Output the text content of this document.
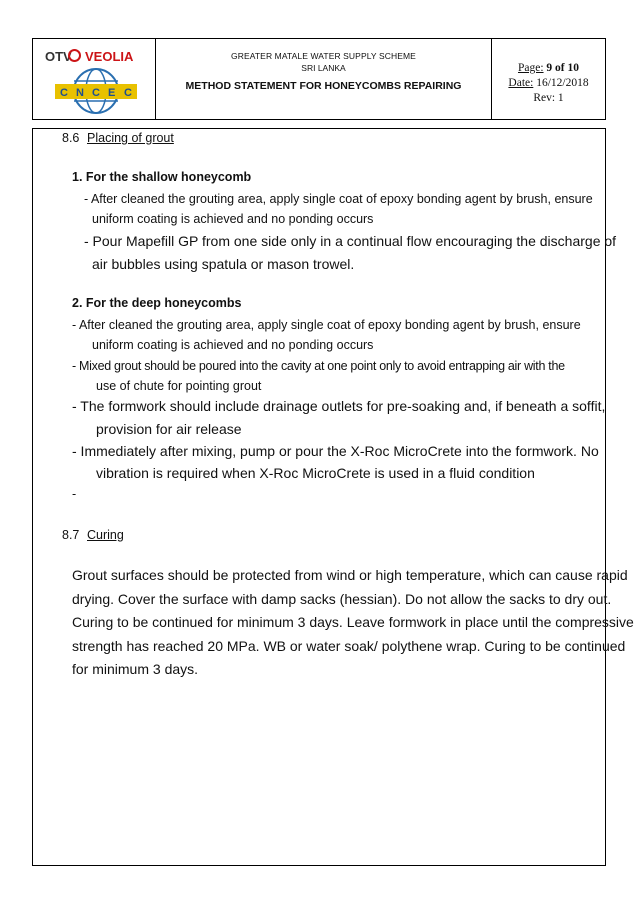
OTV VEOLIA
C N C E C
GREATER MATALE WATER SUPPLY SCHEME
SRI LANKA
METHOD STATEMENT FOR HONEYCOMBS REPAIRING
Page: 9 of 10
Date: 16/12/2018
Rev: 1
8.6 Placing of grout
1. For the shallow honeycomb
- After cleaned the grouting area, apply single coat of epoxy bonding agent by brush, ensure
uniform coating is achieved and no ponding occurs
- Pour Mapefill GP from one side only in a continual flow encouraging the discharge of
air bubbles using spatula or mason trowel.
2. For the deep honeycombs
- After cleaned the grouting area, apply single coat of epoxy bonding agent by brush, ensure
uniform coating is achieved and no ponding occurs
- Mixed grout should be poured into the cavity at one point only to avoid entrapping air with the
use of chute for pointing grout
- The formwork should include drainage outlets for pre-soaking and, if beneath a soffit,
provision for air release
- Immediately after mixing, pump or pour the X-Roc MicroCrete into the formwork. No
vibration is required when X-Roc MicroCrete is used in a fluid condition
-
8.7 Curing
Grout surfaces should be protected from wind or high temperature, which can cause rapid
drying. Cover the surface with damp sacks (hessian). Do not allow the sacks to dry out.
Curing to be continued for minimum 3 days. Leave formwork in place until the compressive
strength has reached 20 MPa. WB or water soak/ polythene wrap. Curing to be continued
for minimum 3 days.
